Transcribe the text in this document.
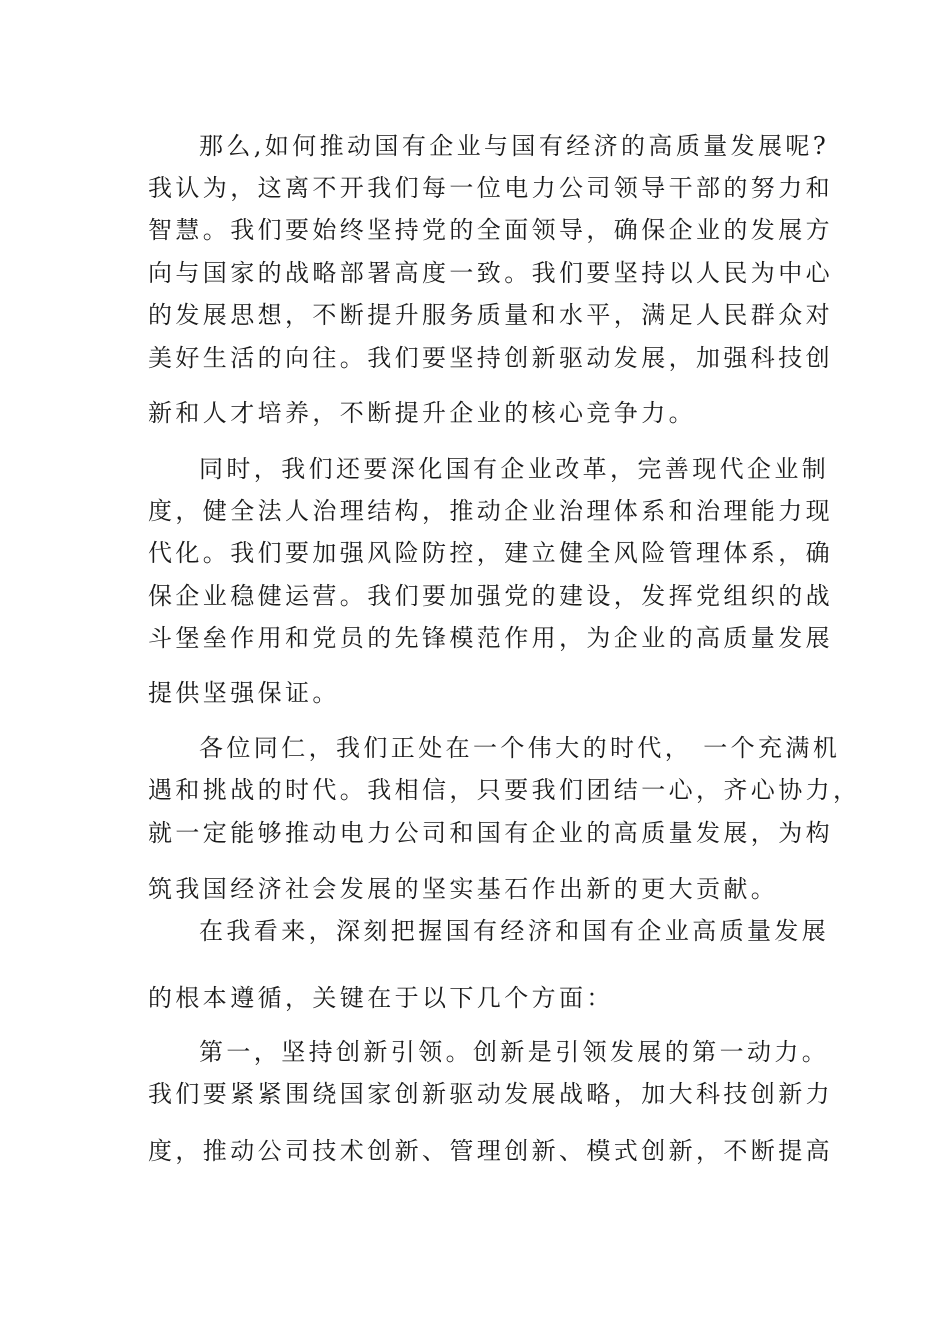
那么,如何推动国有企业与国有经济的高质量发展呢?
我认为，这离不开我们每一位电力公司领导干部的努力和
智慧。我们要始终坚持党的全面领导，确保企业的发展方
向与国家的战略部署高度一致。我们要坚持以人民为中心
的发展思想，不断提升服务质量和水平，满足人民群众对
美好生活的向往。我们要坚持创新驱动发展，加强科技创
新和人才培养，不断提升企业的核心竞争力。
同时，我们还要深化国有企业改革，完善现代企业制
度，健全法人治理结构，推动企业治理体系和治理能力现
代化。我们要加强风险防控，建立健全风险管理体系，确
保企业稳健运营。我们要加强党的建设，发挥党组织的战
斗堡垒作用和党员的先锋模范作用，为企业的高质量发展
提供坚强保证。
各位同仁，我们正处在一个伟大的时代， 一个充满机
遇和挑战的时代。我相信，只要我们团结一心，齐心协力，
就一定能够推动电力公司和国有企业的高质量发展，为构
筑我国经济社会发展的坚实基石作出新的更大贡献。
在我看来，深刻把握国有经济和国有企业高质量发展
的根本遵循，关键在于以下几个方面：
第一，坚持创新引领。创新是引领发展的第一动力。
我们要紧紧围绕国家创新驱动发展战略，加大科技创新力
度，推动公司技术创新、管理创新、模式创新，不断提高
